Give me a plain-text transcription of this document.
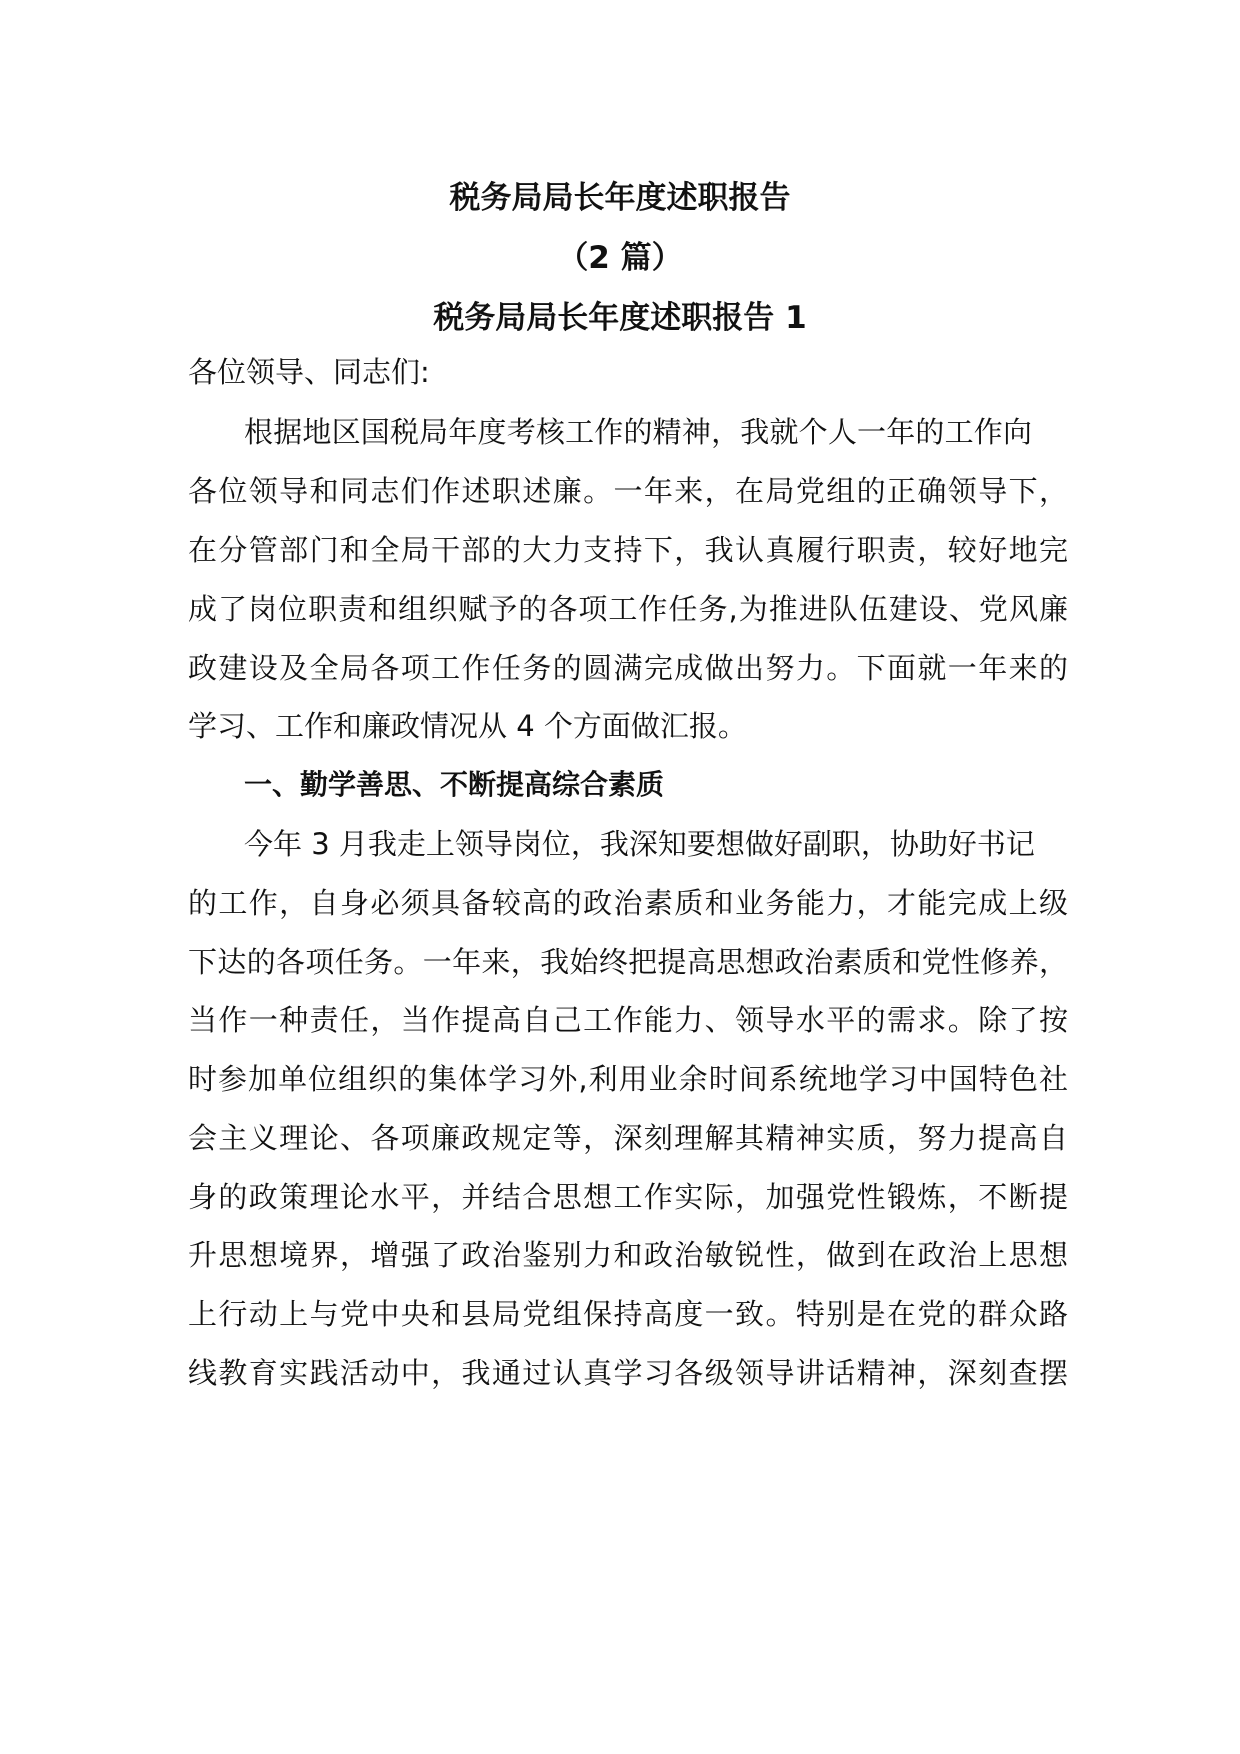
税务局局长年度述职报告
（2 篇）
税务局局长年度述职报告 1

各位领导、同志们:

根据地区国税局年度考核工作的精神，我就个人一年的工作向

各位领导和同志们作述职述廉。一年来，在局党组的正确领导下，

在分管部门和全局干部的大力支持下，我认真履行职责，较好地完

成了岗位职责和组织赋予的各项工作任务,为推进队伍建设、党风廉

政建设及全局各项工作任务的圆满完成做出努力。下面就一年来的

学习、工作和廉政情况从 4 个方面做汇报。

一、勤学善思、不断提高综合素质

今年 3 月我走上领导岗位，我深知要想做好副职，协助好书记

的工作，自身必须具备较高的政治素质和业务能力，才能完成上级

下达的各项任务。一年来，我始终把提高思想政治素质和党性修养，

当作一种责任，当作提高自己工作能力、领导水平的需求。除了按

时参加单位组织的集体学习外,利用业余时间系统地学习中国特色社

会主义理论、各项廉政规定等，深刻理解其精神实质，努力提高自

身的政策理论水平，并结合思想工作实际，加强党性锻炼，不断提

升思想境界，增强了政治鉴别力和政治敏锐性，做到在政治上思想

上行动上与党中央和县局党组保持高度一致。特别是在党的群众路

线教育实践活动中，我通过认真学习各级领导讲话精神，深刻查摆
